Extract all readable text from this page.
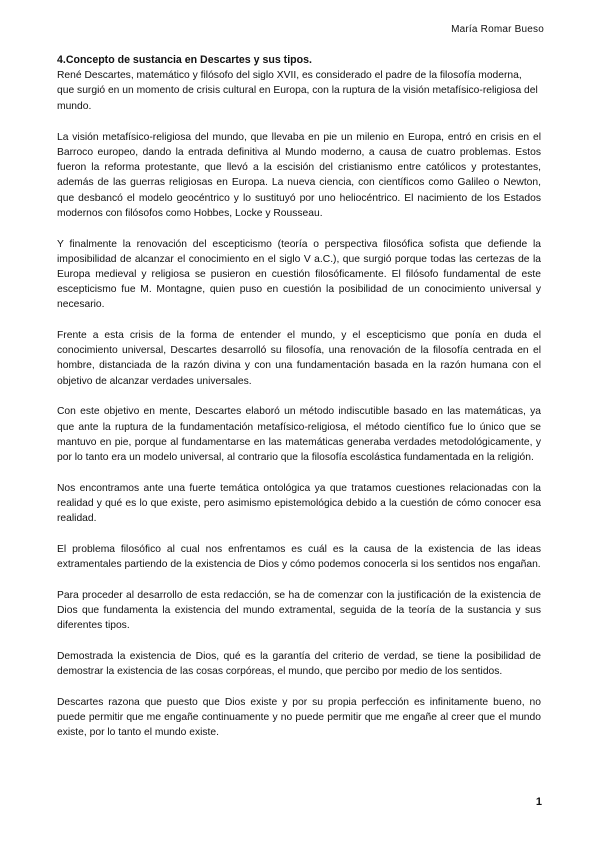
María Romar Bueso

4.Concepto de sustancia en Descartes y sus tipos.

René Descartes, matemático y filósofo del siglo XVII, es considerado el padre de la filosofía moderna, que surgió en un momento de crisis cultural en Europa, con la ruptura de la visión metafísico-religiosa del mundo.

La visión metafísico-religiosa del mundo, que llevaba en pie un milenio en Europa, entró en crisis en el Barroco europeo, dando la entrada definitiva al Mundo moderno, a causa de cuatro problemas. Estos fueron la reforma protestante, que llevó a la escisión del cristianismo entre católicos y protestantes, además de las guerras religiosas en Europa. La nueva ciencia, con científicos como Galileo o Newton, que desbancó el modelo geocéntrico y lo sustituyó por uno heliocéntrico. El nacimiento de los Estados modernos con filósofos como Hobbes, Locke y Rousseau.

Y finalmente la renovación del escepticismo (teoría o perspectiva filosófica sofista que defiende la imposibilidad de alcanzar el conocimiento en el siglo V a.C.), que surgió porque todas las certezas de la Europa medieval y religiosa se pusieron en cuestión filosóficamente. El filósofo fundamental de este escepticismo fue M. Montagne, quien puso en cuestión la posibilidad de un conocimiento universal y necesario.

Frente a esta crisis de la forma de entender el mundo, y el escepticismo que ponía en duda el conocimiento universal, Descartes desarrolló su filosofía, una renovación de la filosofía centrada en el hombre, distanciada de la razón divina y con una fundamentación basada en la razón humana con el objetivo de alcanzar verdades universales.

Con este objetivo en mente, Descartes elaboró un método indiscutible basado en las matemáticas, ya que ante la ruptura de la fundamentación metafísico-religiosa, el método científico fue lo único que se mantuvo en pie, porque al fundamentarse en las matemáticas generaba verdades metodológicamente, y por lo tanto era un modelo universal, al contrario que la filosofía escolástica fundamentada en la religión.

Nos encontramos ante una fuerte temática ontológica ya que tratamos cuestiones relacionadas con la realidad y qué es lo que existe, pero asimismo epistemológica debido a la cuestión de cómo conocer esa realidad.

El problema filosófico al cual nos enfrentamos es cuál es la causa de la existencia de las ideas extramentales partiendo de la existencia de Dios y cómo podemos conocerla si los sentidos nos engañan.

Para proceder al desarrollo de esta redacción, se ha de comenzar con la justificación de la existencia de Dios que fundamenta la existencia del mundo extramental, seguida de la teoría de la sustancia y sus diferentes tipos.

Demostrada la existencia de Dios, qué es la garantía del criterio de verdad, se tiene la posibilidad de demostrar la existencia de las cosas corpóreas, el mundo, que percibo por medio de los sentidos.

Descartes razona que puesto que Dios existe y por su propia perfección es infinitamente bueno, no puede permitir que me engañe continuamente y no puede permitir que me engañe al creer que el mundo existe, por lo tanto el mundo existe.

1
